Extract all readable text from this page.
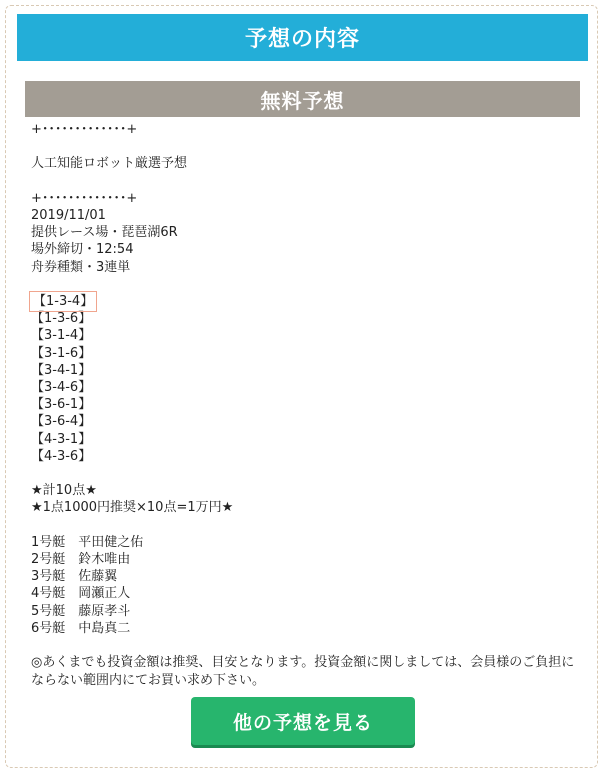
予想の内容
無料予想
+･････････････+
人工知能ロボット厳選予想
+･････････････+
2019/11/01
提供レース場・琵琶湖6R
場外締切・12:54
舟券種類・3連単
【1-3-4】
【1-3-6】
【3-1-4】
【3-1-6】
【3-4-1】
【3-4-6】
【3-6-1】
【3-6-4】
【4-3-1】
【4-3-6】
★計10点★
★1点1000円推奨×10点=1万円★
1号艇　平田健之佑
2号艇　鈴木唯由
3号艇　佐藤翼
4号艇　岡瀬正人
5号艇　藤原孝斗
6号艇　中島真二
◎あくまでも投資金額は推奨、目安となります。投資金額に関しましては、会員様のご負担にならない範囲内にてお買い求め下さい。
他の予想を見る
